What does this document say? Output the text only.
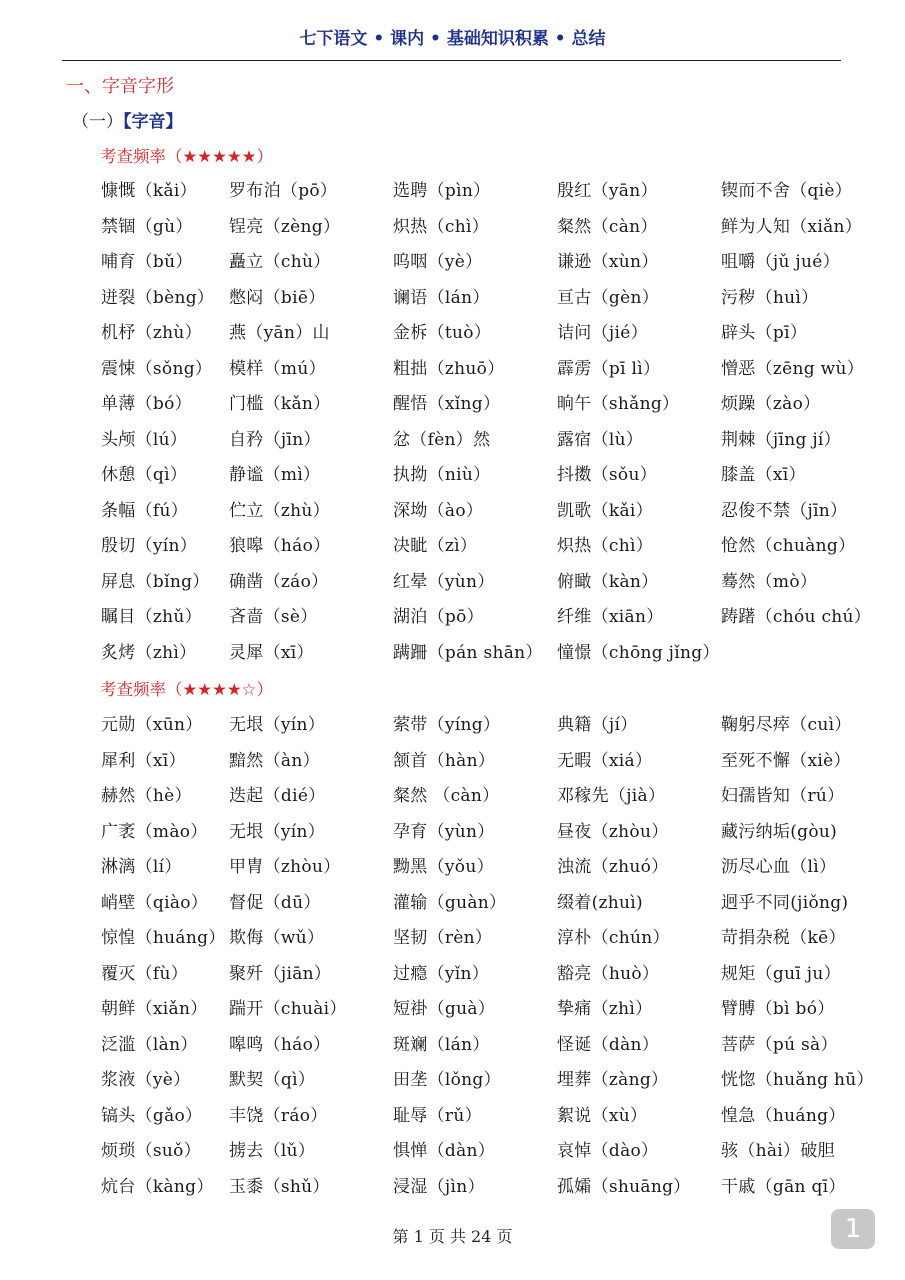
七下语文 • 课内 • 基础知识积累 • 总结
一、字音字形
（一）【字音】
考查频率（★★★★★）
慷慨（kǎi）	罗布泊（pō）	选聘（pìn）	殷红（yān）	锲而不舍（qiè）
禁锢（gù）	锃亮（zèng）	炽热（chì）	粲然（càn）	鲜为人知（xiǎn）
哺育（bǔ）	矗立（chù）	呜咽（yè）	谦逊（xùn）	咀嚼（jǔ jué）
迸裂（bèng） 憋闷（biē）	谰语（lán）	亘古（gèn）	污秽（huì）
机杼（zhù）	燕（yān）山	金柝（tuò）	诘问（jié）	辟头（pī）
震悚（sǒng） 模样（mú）	粗拙（zhuō）	霹雳（pī lì）	憎恶（zēng wù）
单薄（bó）	门槛（kǎn）	醒悟（xǐng）	晌午（shǎng）	烦躁（zào）
头颅（lú）	自矜（jīn）	忿（fèn）然	露宿（lù）	荆棘（jīng jí）
休憩（qì）	静谧（mì）	执拗（niù）	抖擞（sǒu）	膝盖（xī）
条幅（fú）	伫立（zhù）	深坳（ào）	凯歌（kǎi）	忍俊不禁（jīn）
殷切（yín）	狼嗥（háo）	决眦（zì）	炽热（chì）	怆然（chuàng）
屏息（bǐng）	确凿（záo）	红晕（yùn）	俯瞰（kàn）	蓦然（mò）
瞩目（zhǔ）	吝啬（sè）	湖泊（pō）	纤维（xiān）	踌躇（chóu chú）
炙烤（zhì）	灵犀（xī）	蹒跚（pán shān） 憧憬（chōng jǐng）
考查频率（★★★★☆）
元勋（xūn）	无垠（yín）	萦带（yíng）	典籍（jí）	鞠躬尽瘁（cuì）
犀利（xī）	黯然（àn）	颔首（hàn）	无暇（xiá）	至死不懈（xiè）
赫然（hè）	迭起（dié）	粲然 （càn）	邓稼先（jià）	妇孺皆知（rú）
广袤（mào）	无垠（yín）	孕育（yùn）	昼夜（zhòu）	藏污纳垢(gòu)
淋漓（lí）	甲胄（zhòu）	黝黑（yǒu）	浊流（zhuó）	沥尽心血（lì）
峭壁（qiào）	督促（dū）	灌输（guàn）	缀着(zhuì)	迥乎不同(jiǒng)
惊惶（huáng） 欺侮（wǔ）	坚韧（rèn）	淳朴（chún）	苛捐杂税（kē）
覆灭（fù）	聚歼（jiān）	过瘾（yǐn）	豁亮（huò）	规矩（guī ju）
朝鲜（xiǎn）	踹开（chuài）	短褂（guà）	挚痛（zhì）	臂膊（bì bó）
泛滥（làn）	嗥鸣（háo）	斑斓（lán）	怪诞（dàn）	菩萨（pú sà）
浆液（yè）	默契（qì）	田垄（lǒng）	埋葬（zàng）	恍惚（huǎng hū）
镐头（gǎo）	丰饶（ráo）	耻辱（rǔ）	絮说（xù）	惶急（huáng）
烦琐（suǒ）	掳去（lǔ）	惧惮（dàn）	哀悼（dào）	骇（hài）破胆
炕台（kàng） 玉黍（shǔ）	浸湿（jìn）	孤孀（shuāng）	干戚（gān qī）
第 1 页 共 24 页	1
